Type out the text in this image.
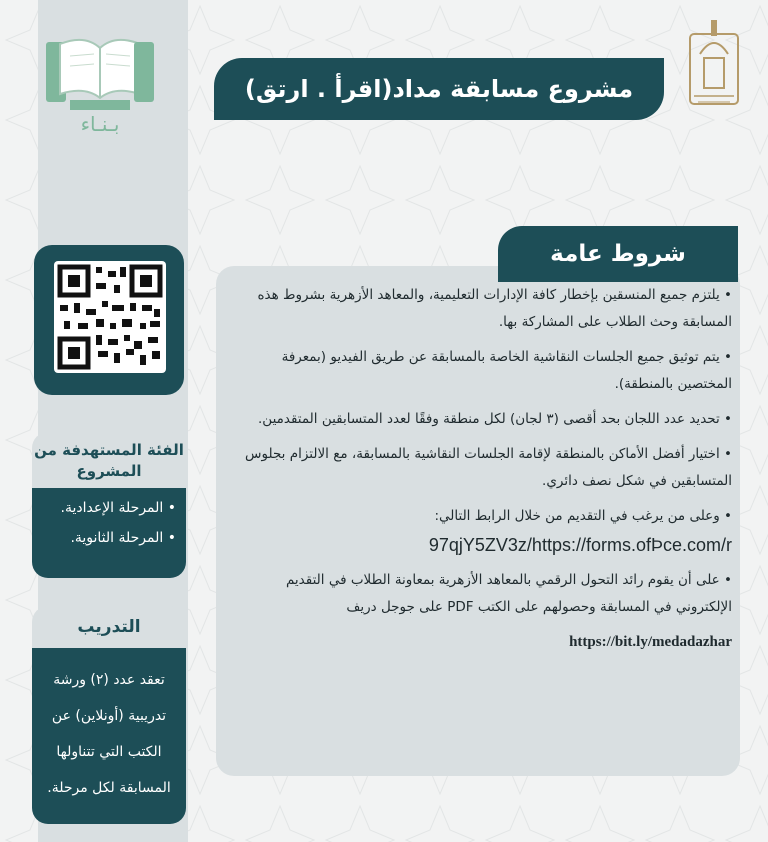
بـنـاء
الفئة المستهدفة من المشروع
• المرحلة الإعدادية.
• المرحلة الثانوية.
التدريب
تعقد عدد (٢) ورشة تدريبية (أونلاين) عن الكتب التي تتناولها المسابقة لكل مرحلة.
مشروع مسابقة مداد(اقرأ . ارتق)
شروط عامة

• يلتزم جميع المنسقين بإخطار كافة الإدارات التعليمية، والمعاهد الأزهرية بشروط هذه المسابقة وحث الطلاب على المشاركة بها.

• يتم توثيق جميع الجلسات النقاشية الخاصة بالمسابقة عن طريق الفيديو (بمعرفة المختصين بالمنطقة).

• تحديد عدد اللجان بحد أقصى (٣ لجان) لكل منطقة وفقًا لعدد المتسابقين المتقدمين.

• اختيار أفضل الأماكن بالمنطقة لإقامة الجلسات النقاشية بالمسابقة، مع الالتزام بجلوس المتسابقين في شكل نصف دائري.

• وعلى من يرغب في التقديم من خلال الرابط التالي:

97qjY5ZV3z/https://forms.ofÞce.com/r

• على أن يقوم رائد التحول الرقمي بالمعاهد الأزهرية بمعاونة الطلاب في التقديم الإلكتروني في المسابقة وحصولهم على الكتب PDF على جوجل دريف

https://bit.ly/medadazhar
